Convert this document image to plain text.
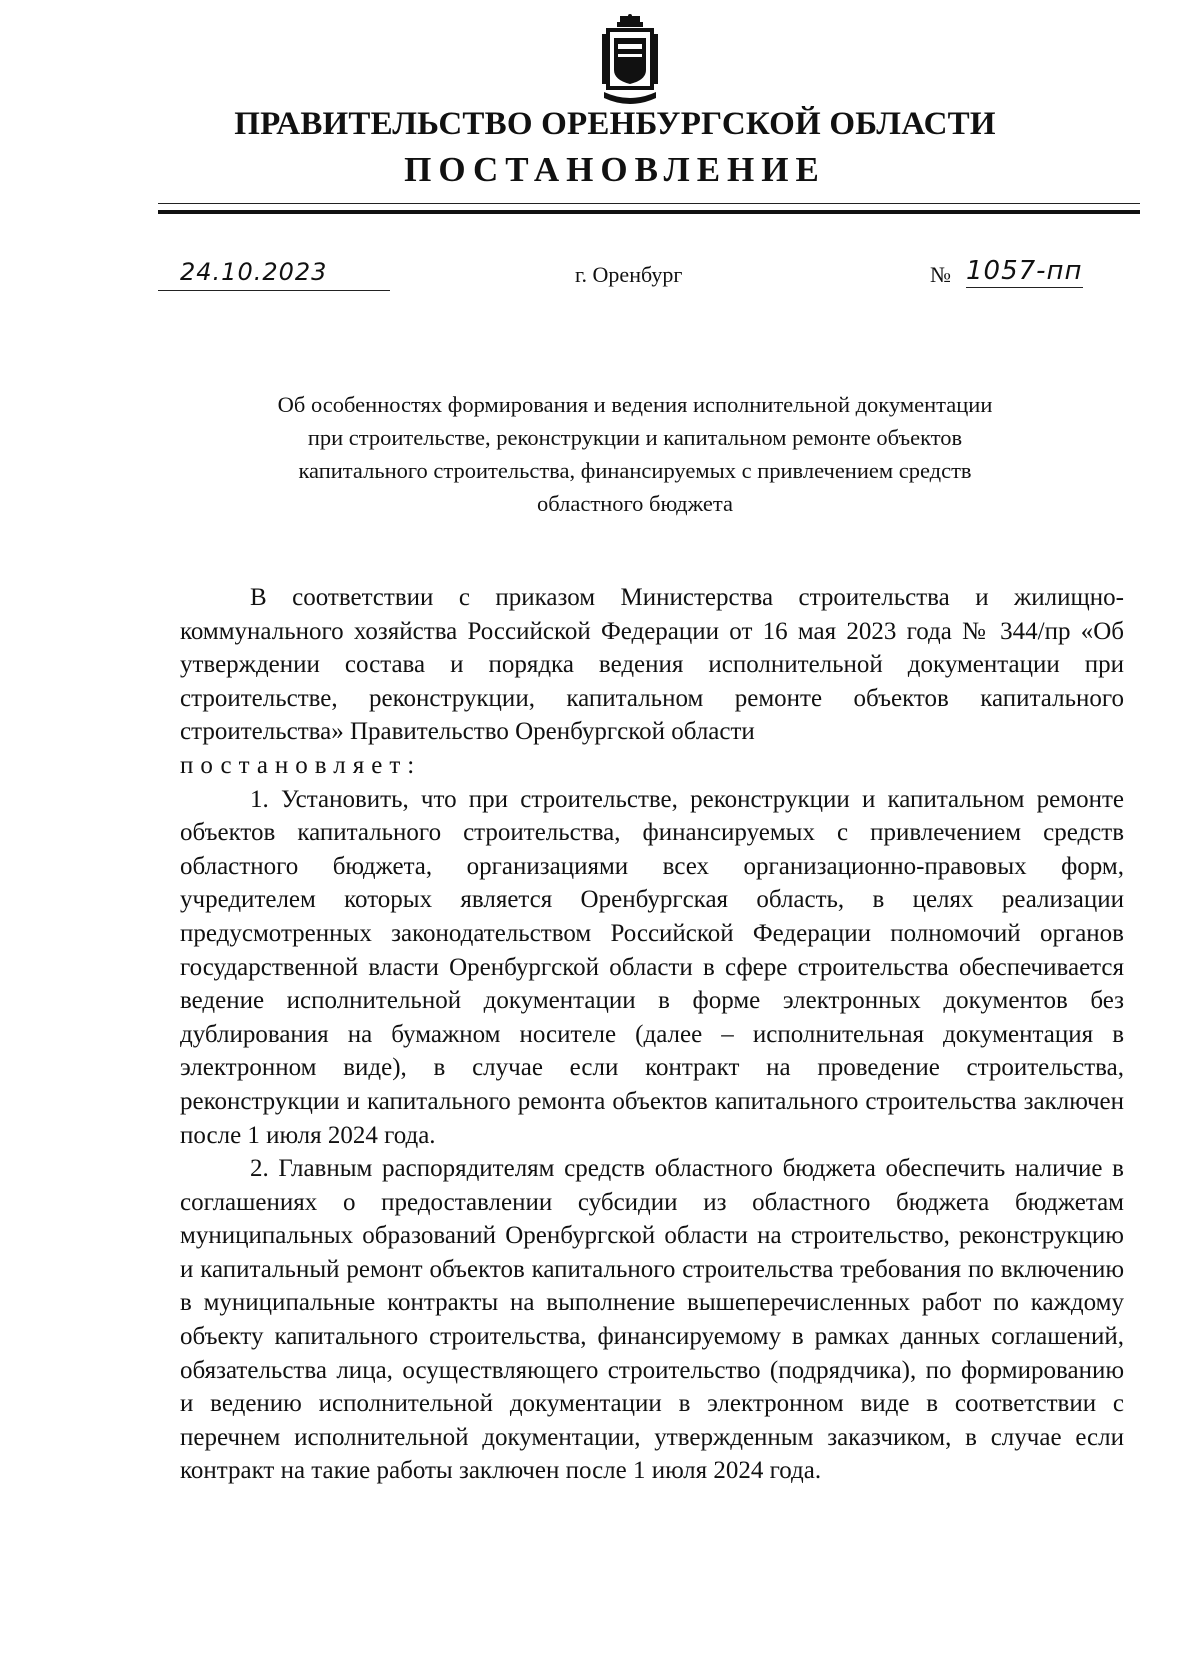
ПРАВИТЕЛЬСТВО ОРЕНБУРГСКОЙ ОБЛАСТИ
ПОСТАНОВЛЕНИЕ
24.10.2023	г. Оренбург	№ 1057-пп
Об особенностях формирования и ведения исполнительной документации
при строительстве, реконструкции и капитальном ремонте объектов
капитального строительства, финансируемых с привлечением средств
областного бюджета

В соответствии с приказом Министерства строительства и жилищно-коммунального хозяйства Российской Федерации от 16 мая 2023 года № 344/пр «Об утверждении состава и порядка ведения исполнительной документации при строительстве, реконструкции, капитальном ремонте объектов капитального строительства» Правительство Оренбургской области
постановляет:

1. Установить, что при строительстве, реконструкции и капитальном ремонте объектов капитального строительства, финансируемых с привлечением средств областного бюджета, организациями всех организационно-правовых форм, учредителем которых является Оренбургская область, в целях реализации предусмотренных законодательством Российской Федерации полномочий органов государственной власти Оренбургской области в сфере строительства обеспечивается ведение исполнительной документации в форме электронных документов без дублирования на бумажном носителе (далее – исполнительная документация в электронном виде), в случае если контракт на проведение строительства, реконструкции и капитального ремонта объектов капитального строительства заключен после 1 июля 2024 года.

2. Главным распорядителям средств областного бюджета обеспечить наличие в соглашениях о предоставлении субсидии из областного бюджета бюджетам муниципальных образований Оренбургской области на строительство, реконструкцию и капитальный ремонт объектов капитального строительства требования по включению в муниципальные контракты на выполнение вышеперечисленных работ по каждому объекту капитального строительства, финансируемому в рамках данных соглашений, обязательства лица, осуществляющего строительство (подрядчика), по формированию и ведению исполнительной документации в электронном виде в соответствии с перечнем исполнительной документации, утвержденным заказчиком, в случае если контракт на такие работы заключен после 1 июля 2024 года.
